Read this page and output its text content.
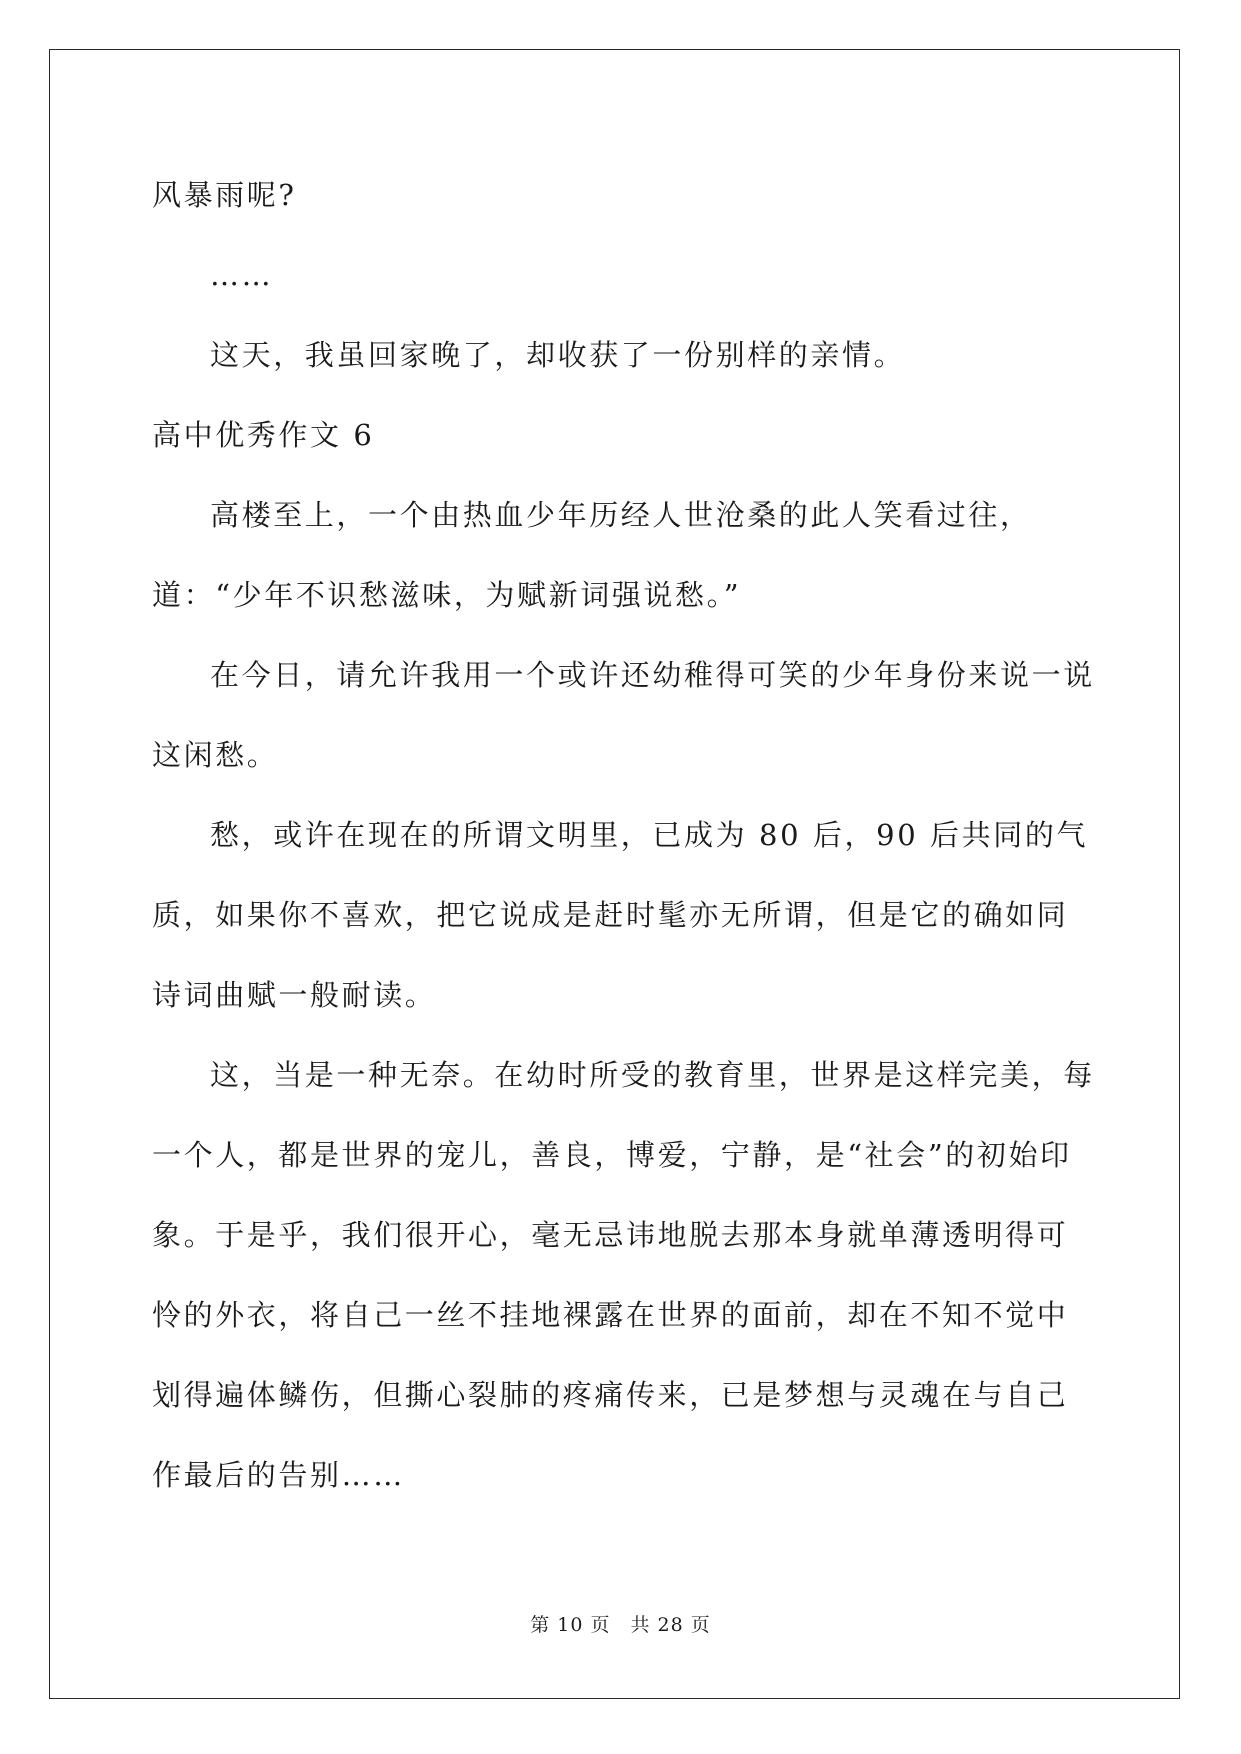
风暴雨呢?

……

这天，我虽回家晚了，却收获了一份别样的亲情。

高中优秀作文 6

高楼至上，一个由热血少年历经人世沧桑的此人笑看过往，道：“少年不识愁滋味，为赋新词强说愁。”

在今日，请允许我用一个或许还幼稚得可笑的少年身份来说一说这闲愁。

愁，或许在现在的所谓文明里，已成为 80 后，90 后共同的气质，如果你不喜欢，把它说成是赶时髦亦无所谓，但是它的确如同诗词曲赋一般耐读。

这，当是一种无奈。在幼时所受的教育里，世界是这样完美，每一个人，都是世界的宠儿，善良，博爱，宁静，是“社会”的初始印象。于是乎，我们很开心，毫无忌讳地脱去那本身就单薄透明得可怜的外衣，将自己一丝不挂地裸露在世界的面前，却在不知不觉中划得遍体鳞伤，但撕心裂肺的疼痛传来，已是梦想与灵魂在与自己作最后的告别……

第 10 页 共 28 页
